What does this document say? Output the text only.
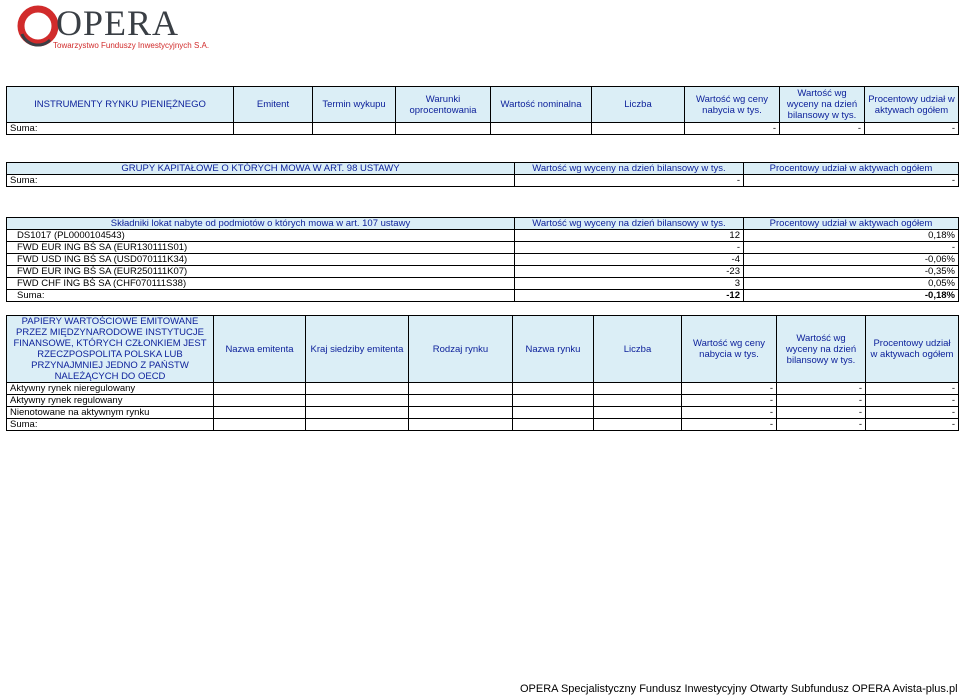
OPERA
Towarzystwo Funduszy Inwestycyjnych S.A.
INSTRUMENTY RYNKU PIENIĘŻNEGO	Emitent	Termin wykupu	Warunki oprocentowania	Wartość nominalna	Liczba	Wartość wg ceny nabycia w tys.	Wartość wg wyceny na dzień bilansowy w tys.	Procentowy udział w aktywach ogółem
Suma:						-	-	-
GRUPY KAPITAŁOWE O KTÓRYCH MOWA W ART. 98 USTAWY	Wartość wg wyceny na dzień bilansowy w tys.	Procentowy udział w aktywach ogółem
Suma:	-	-
Składniki lokat nabyte od podmiotów o których mowa w art. 107 ustawy	Wartość wg wyceny na dzień bilansowy w tys.	Procentowy udział w aktywach ogółem
DS1017 (PL0000104543)	12	0,18%
FWD EUR ING BŚ SA (EUR130111S01)	-	-
FWD USD ING BŚ SA (USD070111K34)	-4	-0,06%
FWD EUR ING BŚ SA (EUR250111K07)	-23	-0,35%
FWD CHF ING BŚ SA (CHF070111S38)	3	0,05%
Suma:	-12	-0,18%
PAPIERY WARTOŚCIOWE EMITOWANE PRZEZ MIĘDZYNARODOWE INSTYTUCJE FINANSOWE, KTÓRYCH CZŁONKIEM JEST RZECZPOSPOLITA POLSKA LUB PRZYNAJMNIEJ JEDNO Z PAŃSTW NALEŻĄCYCH DO OECD	Nazwa emitenta	Kraj siedziby emitenta	Rodzaj rynku	Nazwa rynku	Liczba	Wartość wg ceny nabycia w tys.	Wartość wg wyceny na dzień bilansowy w tys.	Procentowy udział w aktywach ogółem
Aktywny rynek nieregulowany						-	-	-
Aktywny rynek regulowany						-	-	-
Nienotowane na aktywnym rynku						-	-	-
Suma:						-	-	-
OPERA Specjalistyczny Fundusz Inwestycyjny Otwarty Subfundusz OPERA Avista-plus.pl
